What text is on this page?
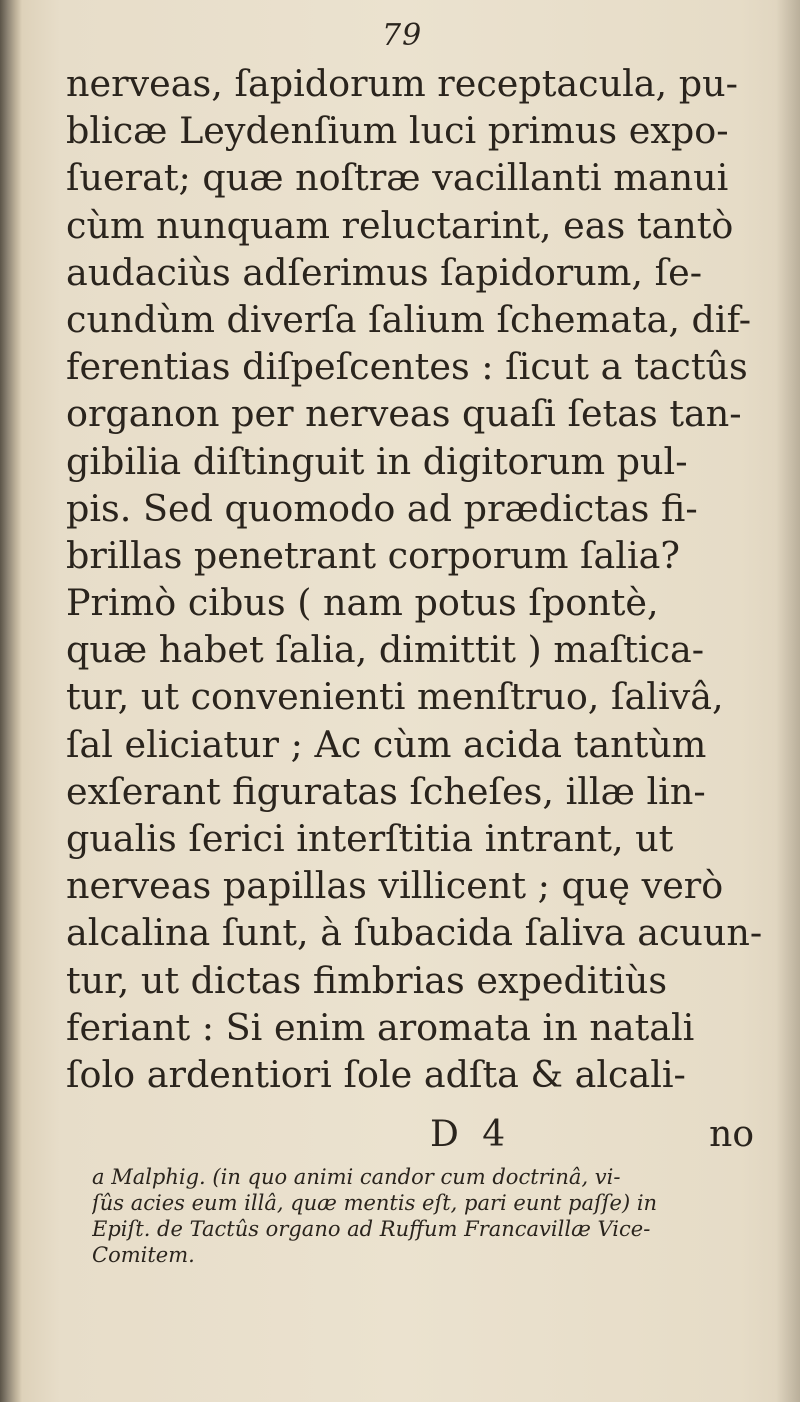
79
nerveas, ſapidorum receptacula, pu-
blicæ Leydenſium luci primus expo-
ſuerat; quæ noſtræ vacillanti manui
cùm nunquam reluctarint, eas tantò
audaciùs adſerimus ſapidorum, ſe-
cundùm diverſa ſalium ſchemata, dif-
ferentias diſpeſcentes : ſicut a tactûs
organon per nerveas quaſi ſetas tan-
gibilia diſtinguit in digitorum pul-
pis. Sed quomodo ad prædictas fi-
brillas penetrant corporum ſalia?
Primò cibus ( nam potus ſpontè,
quæ habet ſalia, dimittit ) maſtica-
tur, ut convenienti menſtruo, ſalivâ,
ſal eliciatur ; Ac cùm acida tantùm
exſerant figuratas ſcheſes, illæ lin-
gualis ſerici interſtitia intrant, ut
nerveas papillas villicent ; quę verò
alcalina ſunt, à ſubacida ſaliva acuun-
tur, ut dictas fimbrias expeditiùs
feriant : Si enim aromata in natali
ſolo ardentiori ſole adſta & alcali-
D 4	no
a Malphig. (in quo animi candor cum doctrinâ, vi-
ſûs acies eum illâ, quæ mentis eſt, pari eunt paſſe) in
Epiſt. de Tactûs organo ad Ruffum Francavillæ Vice-
Comitem.
